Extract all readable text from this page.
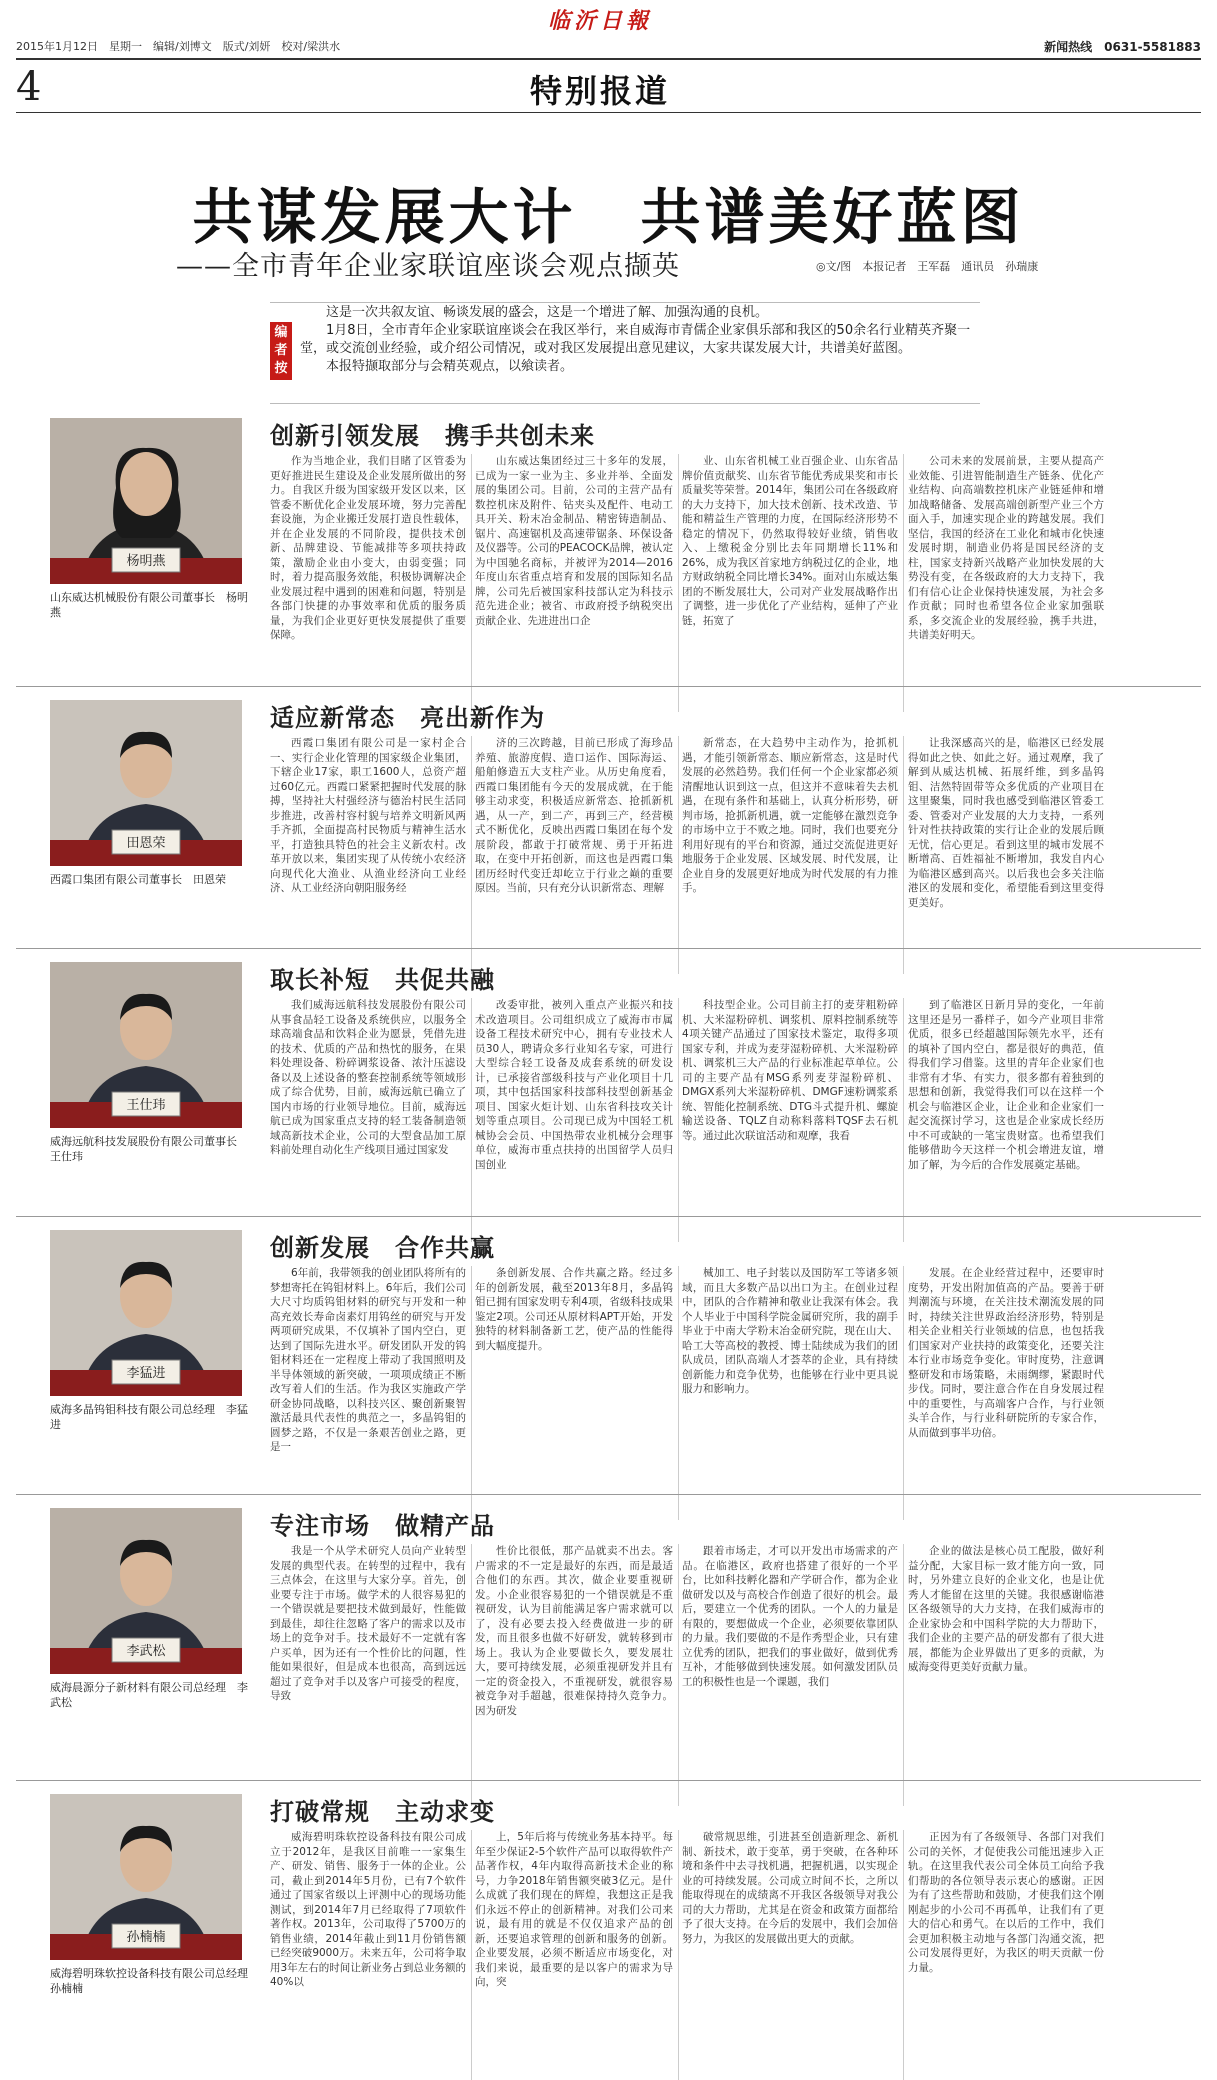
临沂日報
2015年1月12日　星期一　编辑/刘博文　版式/刘妍　校对/梁洪水	新闻热线　0631-5581883
4	特别报道
共谋发展大计　共谱美好蓝图
——全市青年企业家联谊座谈会观点撷英	◎文/图　本报记者　王军磊　通讯员　孙瑞康
编者按

这是一次共叙友谊、畅谈发展的盛会，这是一个增进了解、加强沟通的良机。

1月8日，全市青年企业家联谊座谈会在我区举行，来自威海市青儒企业家俱乐部和我区的50余名行业精英齐聚一堂，或交流创业经验，或介绍公司情况，或对我区发展提出意见建议，大家共谋发展大计，共谱美好蓝图。

本报特撷取部分与会精英观点，以飨读者。

杨明燕
山东威达机械股份有限公司董事长　杨明燕
创新引领发展　携手共创未来

作为当地企业，我们目睹了区管委为更好推进民生建设及企业发展所做出的努力。自我区升级为国家级开发区以来，区管委不断优化企业发展环境，努力完善配套设施，为企业搬迁发展打造良性载体，并在企业发展的不同阶段，提供技术创新、品牌建设、节能减排等多项扶持政策，激励企业由小变大，由弱变强；同时，着力提高服务效能，积极协调解决企业发展过程中遇到的困难和问题，特别是各部门快捷的办事效率和优质的服务质量，为我们企业更好更快发展提供了重要保障。

山东威达集团经过三十多年的发展，已成为一家一业为主、多业并举、全面发展的集团公司。目前，公司的主营产品有数控机床及附件、钻夹头及配件、电动工具开关、粉末冶金制品、精密铸造制品、锯片、高速锯机及高速带锯条、环保设备及仪器等。公司的PEACOCK品牌，被认定为中国驰名商标，并被评为2014—2016年度山东省重点培育和发展的国际知名品牌，公司先后被国家科技部认定为科技示范先进企业；被省、市政府授予纳税突出贡献企业、先进进出口企

业、山东省机械工业百强企业、山东省品牌价值贡献奖、山东省节能优秀成果奖和市长质量奖等荣誉。2014年，集团公司在各级政府的大力支持下，加大技术创新、技术改造、节能和精益生产管理的力度，在国际经济形势不稳定的情况下，仍然取得较好业绩，销售收入、上缴税金分别比去年同期增长11%和26%，成为我区首家地方纳税过亿的企业，地方财政纳税全同比增长34%。面对山东威达集团的不断发展壮大，公司对产业发展战略作出了调整，进一步优化了产业结构，延伸了产业链，拓宽了

公司未来的发展前景，主要从提高产业效能、引进智能制造生产链条、优化产业结构、向高端数控机床产业链延伸和增加战略储备、发展高端创新型产业三个方面入手，加速实现企业的跨越发展。我们坚信，我国的经济在工业化和城市化快速发展时期，制造业仍将是国民经济的支柱，国家支持新兴战略产业加快发展的大势没有变，在各级政府的大力支持下，我们有信心让企业保持快速发展，为社会多作贡献；同时也希望各位企业家加强联系，多交流企业的发展经验，携手共进，共谱美好明天。

田恩荣
西霞口集团有限公司董事长　田恩荣
适应新常态　亮出新作为

西霞口集团有限公司是一家村企合一、实行企业化管理的国家级企业集团，下辖企业17家，职工1600人，总资产超过60亿元。西霞口紧紧把握时代发展的脉搏，坚持社大村强经济与德治村民生活同步推进，改善村容村貌与培养文明新风两手齐抓，全面提高村民物质与精神生活水平，打造独具特色的社会主义新农村。改革开放以来，集团实现了从传统小农经济向现代化大渔业、从渔业经济向工业经济、从工业经济向朝阳服务经

济的三次跨越，目前已形成了海珍品养殖、旅游度假、造口运作、国际海运、船舶修造五大支柱产业。从历史角度看，西霞口集团能有今天的发展成就，在于能够主动求变，积极适应新常态、抢抓新机遇，从一产，到二产，再到三产，经营模式不断优化，反映出西霞口集团在每个发展阶段，都敢于打破常规、勇于开拓进取，在变中开拓创新，而这也是西霞口集团历经时代变迁却屹立于行业之巅的重要原因。当前，只有充分认识新常态、理解

新常态，在大趋势中主动作为，抢抓机遇，才能引领新常态、顺应新常态，这是时代发展的必然趋势。我们任何一个企业家都必须清醒地认识到这一点，但这并不意味着失去机遇，在现有条件和基础上，认真分析形势，研判市场，抢抓新机遇，就一定能够在激烈竞争的市场中立于不败之地。同时，我们也要充分利用好现有的平台和资源，通过交流促进更好地服务于企业发展、区域发展、时代发展，让企业自身的发展更好地成为时代发展的有力推手。

让我深感高兴的是，临港区已经发展得如此之快、如此之好。通过观摩，我了解到从威达机械、拓展纤维，到多晶钨钼、洁然特固带等众多优质的产业项目在这里聚集，同时我也感受到临港区管委工委、管委对产业发展的大力支持，一系列针对性扶持政策的实行让企业的发展后顾无忧，信心更足。看到这里的城市发展不断增高、百姓福祉不断增加，我发自内心为临港区感到高兴。以后我也会多关注临港区的发展和变化，希望能看到这里变得更美好。

王仕玮
威海远航科技发展股份有限公司董事长　王仕玮
取长补短　共促共融

我们威海远航科技发展股份有限公司从事食品轻工设备及系统供应，以服务全球高端食品和饮料企业为愿景，凭借先进的技术、优质的产品和热忱的服务，在果料处理设备、粉碎调浆设备、浓汁压滤设备以及上述设备的整套控制系统等领域形成了综合优势，目前，威海远航已确立了国内市场的行业领导地位。目前，威海远航已成为国家重点支持的轻工装备制造领域高新技术企业，公司的大型食品加工原料前处理自动化生产线项目通过国家发

改委审批，被列入重点产业振兴和技术改造项目。公司组织成立了威海市市属设备工程技术研究中心，拥有专业技术人员30人，聘请众多行业知名专家，可进行大型综合轻工设备及成套系统的研发设计，已承接省部级科技与产业化项目十几项，其中包括国家科技部科技型创新基金项目、国家火炬计划、山东省科技攻关计划等重点项目。公司现已成为中国轻工机械协会会员、中国热带农业机械分会理事单位，威海市重点扶持的出国留学人员归国创业

科技型企业。公司目前主打的麦芽粗粉碎机、大米湿粉碎机、调浆机、原料控制系统等4项关键产品通过了国家技术鉴定，取得多项国家专利，并成为麦芽湿粉碎机、大米湿粉碎机、调浆机三大产品的行业标准起草单位。公司的主要产品有MSG系列麦芽湿粉碎机、DMGX系列大米湿粉碎机、DMGF速粉调浆系统、智能化控制系统、DTG斗式提升机、螺旋输送设备、TQLZ自动称料落料TQSF去石机等。通过此次联谊活动和观摩，我看

到了临港区日新月异的变化，一年前这里还是另一番样子，如今产业项目非常优质，很多已经超越国际领先水平，还有的填补了国内空白，都是很好的典范，值得我们学习借鉴。这里的青年企业家们也非常有才华、有实力，很多都有着独到的思想和创新，我觉得我们可以在这样一个机会与临港区企业，让企业和企业家们一起交流探讨学习，这也是企业家成长经历中不可或缺的一笔宝贵财富。也希望我们能够借助今天这样一个机会增进友谊，增加了解，为今后的合作发展奠定基础。

李猛进
威海多晶钨钼科技有限公司总经理　李猛进
创新发展　合作共赢

6年前，我带领我的创业团队将所有的梦想寄托在钨钼材料上。6年后，我们公司大尺寸均质钨钼材料的研究与开发和一种高充效长寿命卤素灯用钨丝的研究与开发两项研究成果，不仅填补了国内空白，更达到了国际先进水平。研发团队开发的钨钼材料还在一定程度上带动了我国照明及半导体领域的新突破，一项项成绩正不断改写着人们的生活。作为我区实施政产学研金协同战略，以科技兴区、聚创新聚智激活最具代表性的典范之一，多晶钨钼的圆梦之路，不仅是一条艰苦创业之路，更是一

条创新发展、合作共赢之路。经过多年的创新发展，截至2013年8月，多晶钨钼已拥有国家发明专利4项，省级科技成果鉴定2项。公司还从原材料APT开始，开发独特的材料制备新工艺，使产品的性能得到大幅度提升。

械加工、电子封装以及国防军工等诸多领域，而且大多数产品以出口为主。在创业过程中，团队的合作精神和敬业让我深有体会。我个人毕业于中国科学院金属研究所，我的副手毕业于中南大学粉末冶金研究院，现在山大、哈工大等高校的教授、博士陆续成为我们的团队成员，团队高端人才荟萃的企业，具有持续创新能力和竞争优势，也能够在行业中更具说服力和影响力。

发展。在企业经营过程中，还要审时度势，开发出附加值高的产品。要善于研判潮流与环境，在关注技术潮流发展的同时，持续关注世界政治经济形势，特别是相关企业相关行业领域的信息，也包括我们国家对产业扶持的政策变化，还要关注本行业市场竞争变化。审时度势，注意调整研发和市场策略，未雨绸缪，紧跟时代步伐。同时，要注意合作在自身发展过程中的重要性，与高端客户合作，与行业领头羊合作，与行业科研院所的专家合作，从而做到事半功倍。

李武松
威海晨源分子新材料有限公司总经理　李武松
专注市场　做精产品

我是一个从学术研究人员向产业转型发展的典型代表。在转型的过程中，我有三点体会，在这里与大家分享。首先，创业要专注于市场。做学术的人很容易犯的一个错误就是要把技术做到最好，性能做到最佳，却往往忽略了客户的需求以及市场上的竞争对手。技术最好不一定就有客户买单，因为还有一个性价比的问题，性能如果很好，但是成本也很高，高到远远超过了竞争对手以及客户可接受的程度，导致

性价比很低，那产品就卖不出去。客户需求的不一定是最好的东西，而是最适合他们的东西。其次，做企业要重视研发。小企业很容易犯的一个错误就是不重视研发，认为目前能满足客户需求就可以了，没有必要去投入经费做进一步的研发，而且很多也做不好研发，就转移到市场上。我认为企业要做长久，要发展壮大，要可持续发展，必须重视研发并且有一定的资金投入，不重视研发，就很容易被竞争对手超越，很难保持持久竞争力。因为研发

跟着市场走，才可以开发出市场需求的产品。在临港区，政府也搭建了很好的一个平台，比如科技孵化器和产学研合作，都为企业做研发以及与高校合作创造了很好的机会。最后，要建立一个优秀的团队。一个人的力量是有限的，要想做成一个企业，必须要依靠团队的力量。我们要做的不是作秀型企业，只有建立优秀的团队，把我们的事业做好，做到优秀互补，才能够做到快速发展。如何激发团队员工的积极性也是一个课题，我们

企业的做法是核心员工配股，做好利益分配，大家目标一致才能方向一致，同时，另外建立良好的企业文化，也是让优秀人才能留在这里的关键。我很感谢临港区各级领导的大力支持，在我们威海市的企业家协会和中国科学院的大力帮助下，我们企业的主要产品的研发都有了很大进展，都能为企业界做出了更多的贡献，为威海变得更美好贡献力量。

孙楠楠
威海碧明珠软控设备科技有限公司总经理　孙楠楠
打破常规　主动求变

威海碧明珠软控设备科技有限公司成立于2012年，是我区目前唯一一家集生产、研发、销售、服务于一体的企业。公司，截止到2014年5月份，已有7个软件通过了国家省级以上评测中心的现场功能测试，到2014年7月已经取得了7项软件著作权。2013年，公司取得了5700万的销售业绩，2014年截止到11月份销售额已经突破9000万。未来五年，公司将争取用3年左右的时间让新业务占到总业务额的40%以

上，5年后将与传统业务基本持平。每年至少保证2-5个软件产品可以取得软件产品著作权，4年内取得高新技术企业的称号，力争2018年销售额突破3亿元。是什么成就了我们现在的辉煌，我想这正是我们永远不停止的创新精神。对我们公司来说，最有用的就是不仅仅追求产品的创新，还要追求管理的创新和服务的创新。企业要发展，必须不断适应市场变化，对我们来说，最重要的是以客户的需求为导向，突

破常规思维，引进甚至创造新理念、新机制、新技术，敢于变革，勇于突破，在各种环境和条件中去寻找机遇，把握机遇，以实现企业的可持续发展。公司成立时间不长，之所以能取得现在的成绩离不开我区各级领导对我公司的大力帮助，尤其是在资金和政策方面都给予了很大支持。在今后的发展中，我们会加倍努力，为我区的发展做出更大的贡献。

正因为有了各级领导、各部门对我们公司的关怀，才促使我公司能迅速步入正轨。在这里我代表公司全体员工向给予我们帮助的各位领导表示衷心的感谢。正因为有了这些帮助和鼓励，才使我们这个刚刚起步的小公司不再孤单，让我们有了更大的信心和勇气。在以后的工作中，我们会更加积极主动地与各部门沟通交流，把公司发展得更好，为我区的明天贡献一份力量。
